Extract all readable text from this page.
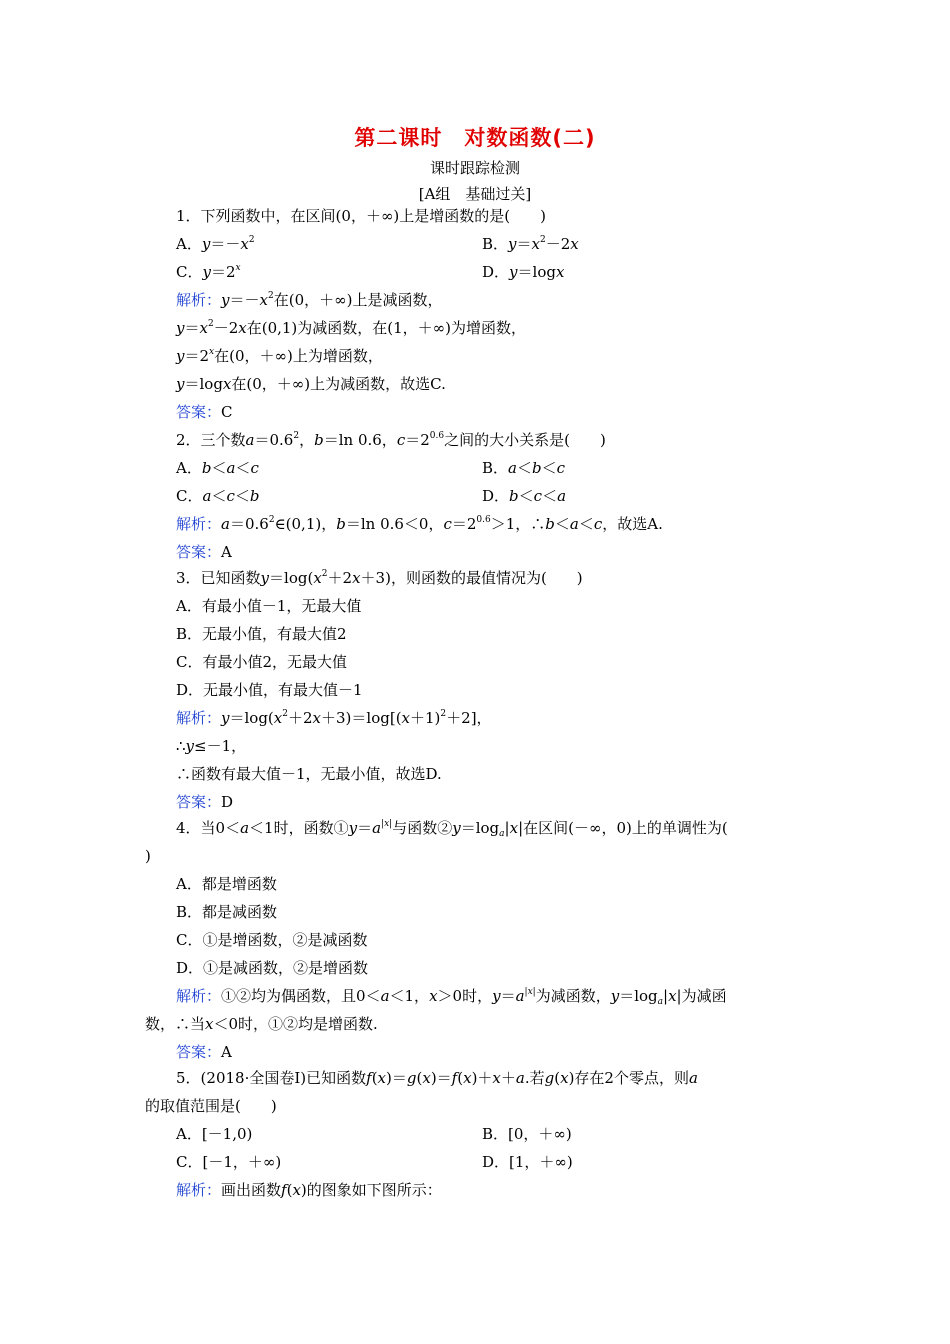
第二课时　对数函数(二)
课时跟踪检测
[A组　基础过关]
1．下列函数中，在区间(0，＋∞)上是增函数的是(　　)
A．$y=-x^2$	B．$y=x^2-2x$
C．$y=2^x$	D．y＝logx
解析：$y=-x^2$在(0，＋∞)上是减函数，
$y=x^2-2x$在(0,1)为减函数，在(1，＋∞)为增函数，
$y=2^x$在(0，＋∞)上为增函数，
y＝logx在(0，＋∞)上为减函数，故选C.
答案：C
2．三个数$a=0.6^2$，b＝ln 0.6，$c=2^{0.6}$之间的大小关系是(　　)
A．b＜a＜c	B．a＜b＜c
C．a＜c＜b	D．b＜c＜a
解析：$a=0.6^2\in(0,1)$，b＝ln 0.6＜0，$c=2^{0.6}>1$，∴b＜a＜c，故选A.
答案：A
3．已知函数$y=\log(x^2+2x+3)$，则函数的最值情况为(　　)
A．有最小值－1，无最大值
B．无最小值，有最大值2
C．有最小值2，无最大值
D．无最小值，有最大值－1
解析：$y=\log(x^2+2x+3)=\log[(x+1)^2+2]$，
∴y≤－1，
∴函数有最大值－1，无最小值，故选D.
答案：D
4．当0＜a＜1时，函数$①y=a^{|x|}$与函数$②y=\log_a|x|$在区间(－∞，0)上的单调性为(
)
A．都是增函数
B．都是减函数
C．①是增函数，②是减函数
D．①是减函数，②是增函数
解析：①②均为偶函数，且0＜a＜1，x＞0时，$y=a^{|x|}$为减函数，$y=\log_a|x|$为减函
数，∴当x＜0时，①②均是增函数.
答案：A
5．(2018·全国卷Ⅰ)已知函数f(x)＝g(x)＝f(x)＋x＋a.若g(x)存在2个零点，则a
的取值范围是(　　)
A．[－1,0)	B．[0，＋∞)
C．[－1，＋∞)	D．[1，＋∞)
解析：画出函数f(x)的图象如下图所示：
